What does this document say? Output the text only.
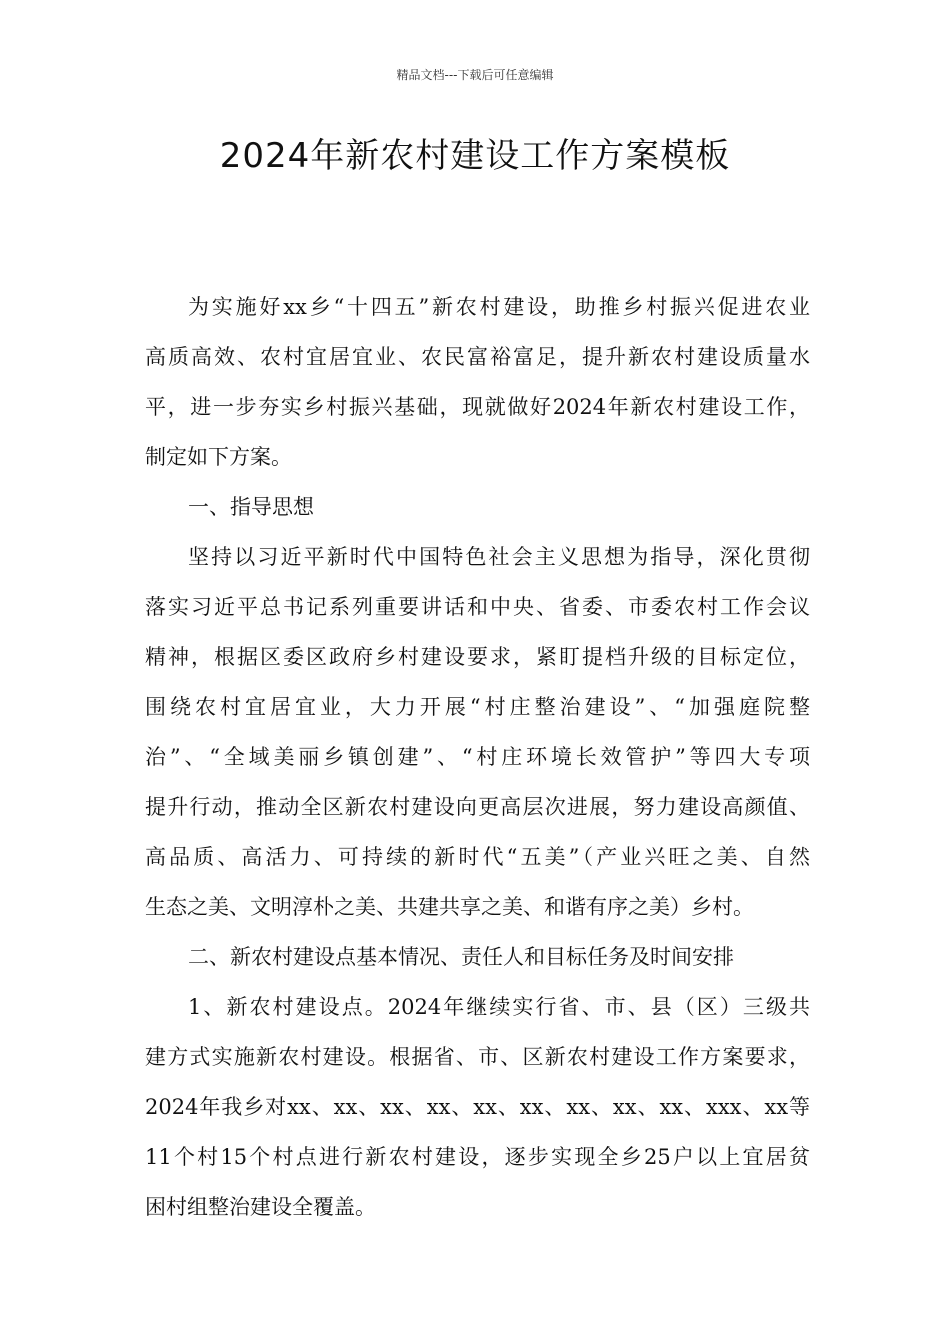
精品文档---下载后可任意编辑
2024年新农村建设工作方案模板
为实施好xx乡“十四五”新农村建设，助推乡村振兴促进农业
高质高效、农村宜居宜业、农民富裕富足，提升新农村建设质量水
平，进一步夯实乡村振兴基础，现就做好2024年新农村建设工作，
制定如下方案。
一、指导思想
坚持以习近平新时代中国特色社会主义思想为指导，深化贯彻
落实习近平总书记系列重要讲话和中央、省委、市委农村工作会议
精神，根据区委区政府乡村建设要求，紧盯提档升级的目标定位，
围绕农村宜居宜业，大力开展“村庄整治建设”、“加强庭院整
治”、“全域美丽乡镇创建”、“村庄环境长效管护”等四大专项
提升行动，推动全区新农村建设向更高层次进展，努力建设高颜值、
高品质、高活力、可持续的新时代“五美”（产业兴旺之美、自然
生态之美、文明淳朴之美、共建共享之美、和谐有序之美）乡村。
二、新农村建设点基本情况、责任人和目标任务及时间安排
1、新农村建设点。2024年继续实行省、市、县（区）三级共
建方式实施新农村建设。根据省、市、区新农村建设工作方案要求，
2024年我乡对xx、xx、xx、xx、xx、xx、xx、xx、xx、xxx、xx等
11个村15个村点进行新农村建设，逐步实现全乡25户以上宜居贫
困村组整治建设全覆盖。
